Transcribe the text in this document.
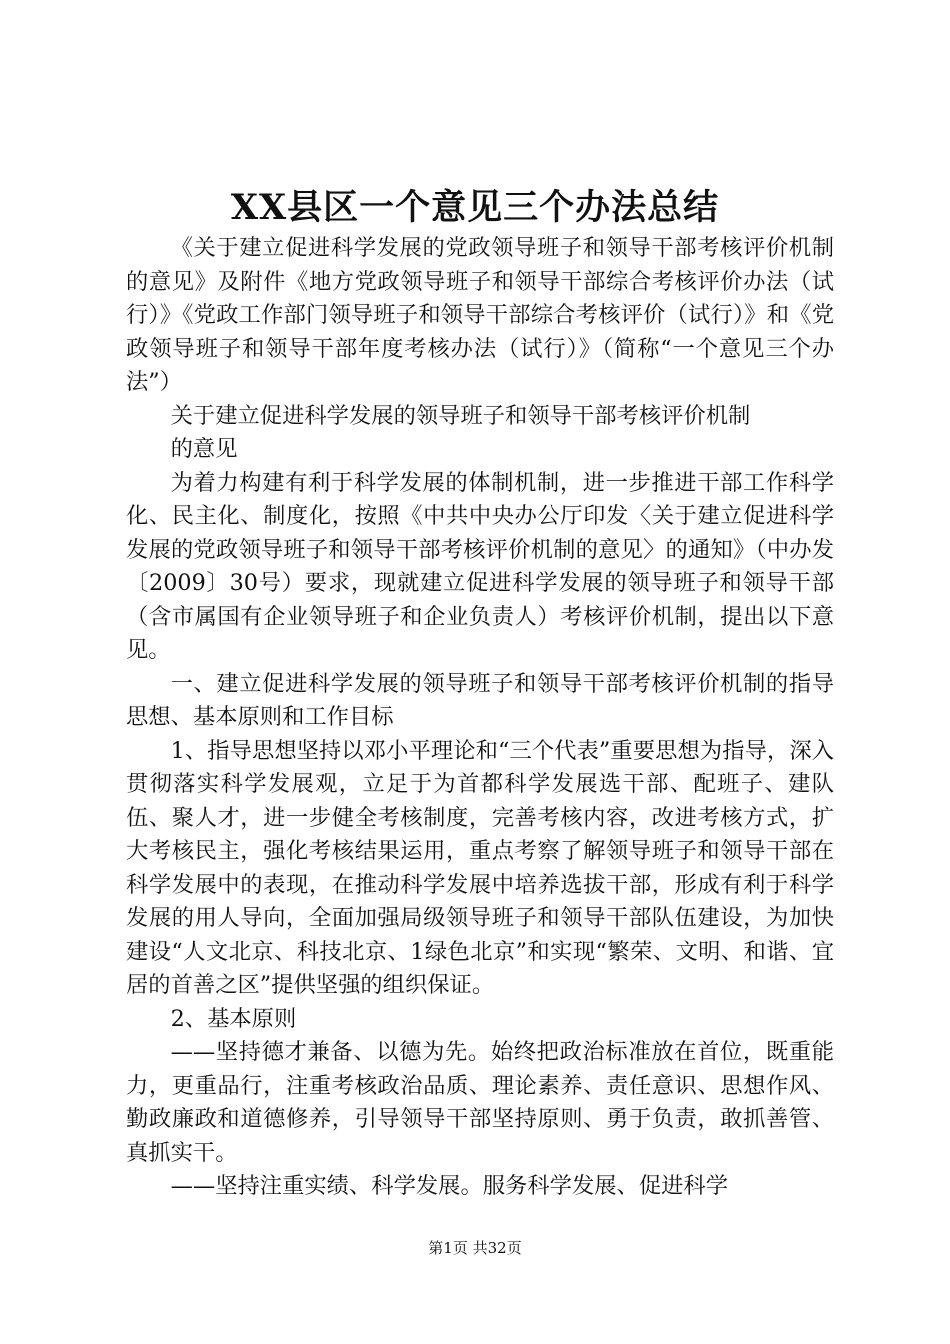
XX县区一个意见三个办法总结

《关于建立促进科学发展的党政领导班子和领导干部考核评价机制的意见》及附件《地方党政领导班子和领导干部综合考核评价办法（试行）》《党政工作部门领导班子和领导干部综合考核评价（试行）》和《党政领导班子和领导干部年度考核办法（试行）》（简称“一个意见三个办法”）

关于建立促进科学发展的领导班子和领导干部考核评价机制

的意见

为着力构建有利于科学发展的体制机制，进一步推进干部工作科学化、民主化、制度化，按照《中共中央办公厅印发〈关于建立促进科学发展的党政领导班子和领导干部考核评价机制的意见〉的通知》（中办发〔2009〕30号）要求，现就建立促进科学发展的领导班子和领导干部（含市属国有企业领导班子和企业负责人）考核评价机制，提出以下意见。

一、建立促进科学发展的领导班子和领导干部考核评价机制的指导思想、基本原则和工作目标

1、指导思想坚持以邓小平理论和“三个代表”重要思想为指导，深入贯彻落实科学发展观，立足于为首都科学发展选干部、配班子、建队伍、聚人才，进一步健全考核制度，完善考核内容，改进考核方式，扩大考核民主，强化考核结果运用，重点考察了解领导班子和领导干部在科学发展中的表现，在推动科学发展中培养选拔干部，形成有利于科学发展的用人导向，全面加强局级领导班子和领导干部队伍建设，为加快建设“人文北京、科技北京、1绿色北京”和实现“繁荣、文明、和谐、宜居的首善之区”提供坚强的组织保证。

2、基本原则

——坚持德才兼备、以德为先。始终把政治标准放在首位，既重能力，更重品行，注重考核政治品质、理论素养、责任意识、思想作风、勤政廉政和道德修养，引导领导干部坚持原则、勇于负责，敢抓善管、真抓实干。

——坚持注重实绩、科学发展。服务科学发展、促进科学

第1页 共32页
